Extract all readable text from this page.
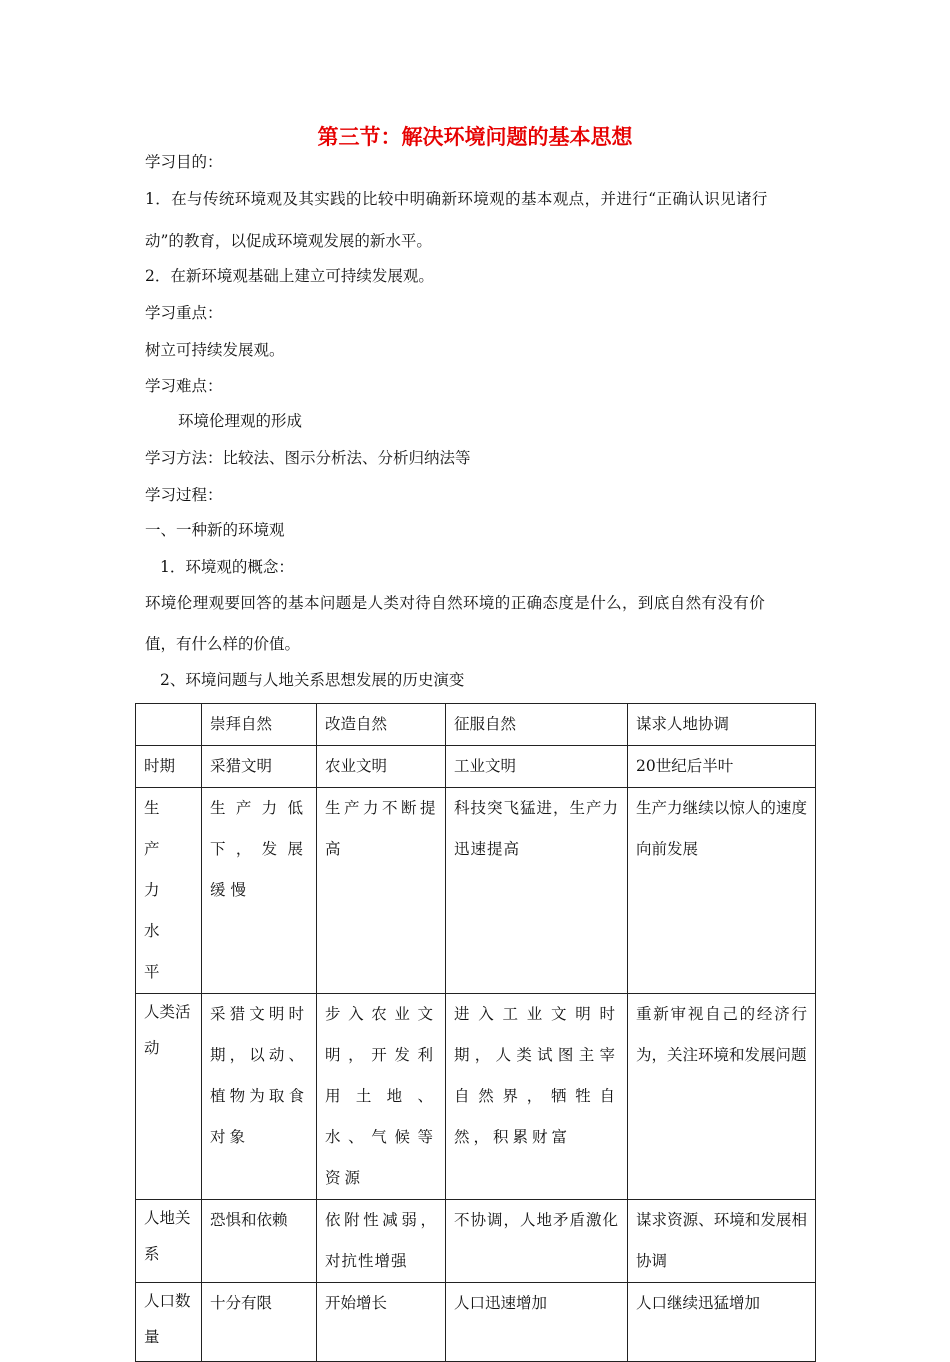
第三节：解决环境问题的基本思想
学习目的：
1．在与传统环境观及其实践的比较中明确新环境观的基本观点，并进行“正确认识见诸行
动”的教育，以促成环境观发展的新水平。
2．在新环境观基础上建立可持续发展观。
学习重点：
树立可持续发展观。
学习难点：
环境伦理观的形成
学习方法：比较法、图示分析法、分析归纳法等
学习过程：
一、一种新的环境观
1．环境观的概念：
环境伦理观要回答的基本问题是人类对待自然环境的正确态度是什么，到底自然有没有价
值，有什么样的价值。
2、环境问题与人地关系思想发展的历史演变
	崇拜自然	改造自然	征服自然	谋求人地协调
时期	采猎文明	农业文明	工业文明	20世纪后半叶
生产力水平	生产力低下，发展缓慢	生产力不断提高	科技突飞猛进，生产力迅速提高	生产力继续以惊人的速度向前发展
人类活动	采猎文明时期，以动、植物为取食对象	步入农业文明，开发利用土地、水、气候等资源	进入工业文明时期，人类试图主宰自然界，牺牲自然，积累财富	重新审视自己的经济行为，关注环境和发展问题
人地关系	恐惧和依赖	依附性减弱，对抗性增强	不协调，人地矛盾激化	谋求资源、环境和发展相协调
人口数量	十分有限	开始增长	人口迅速增加	人口继续迅猛增加
